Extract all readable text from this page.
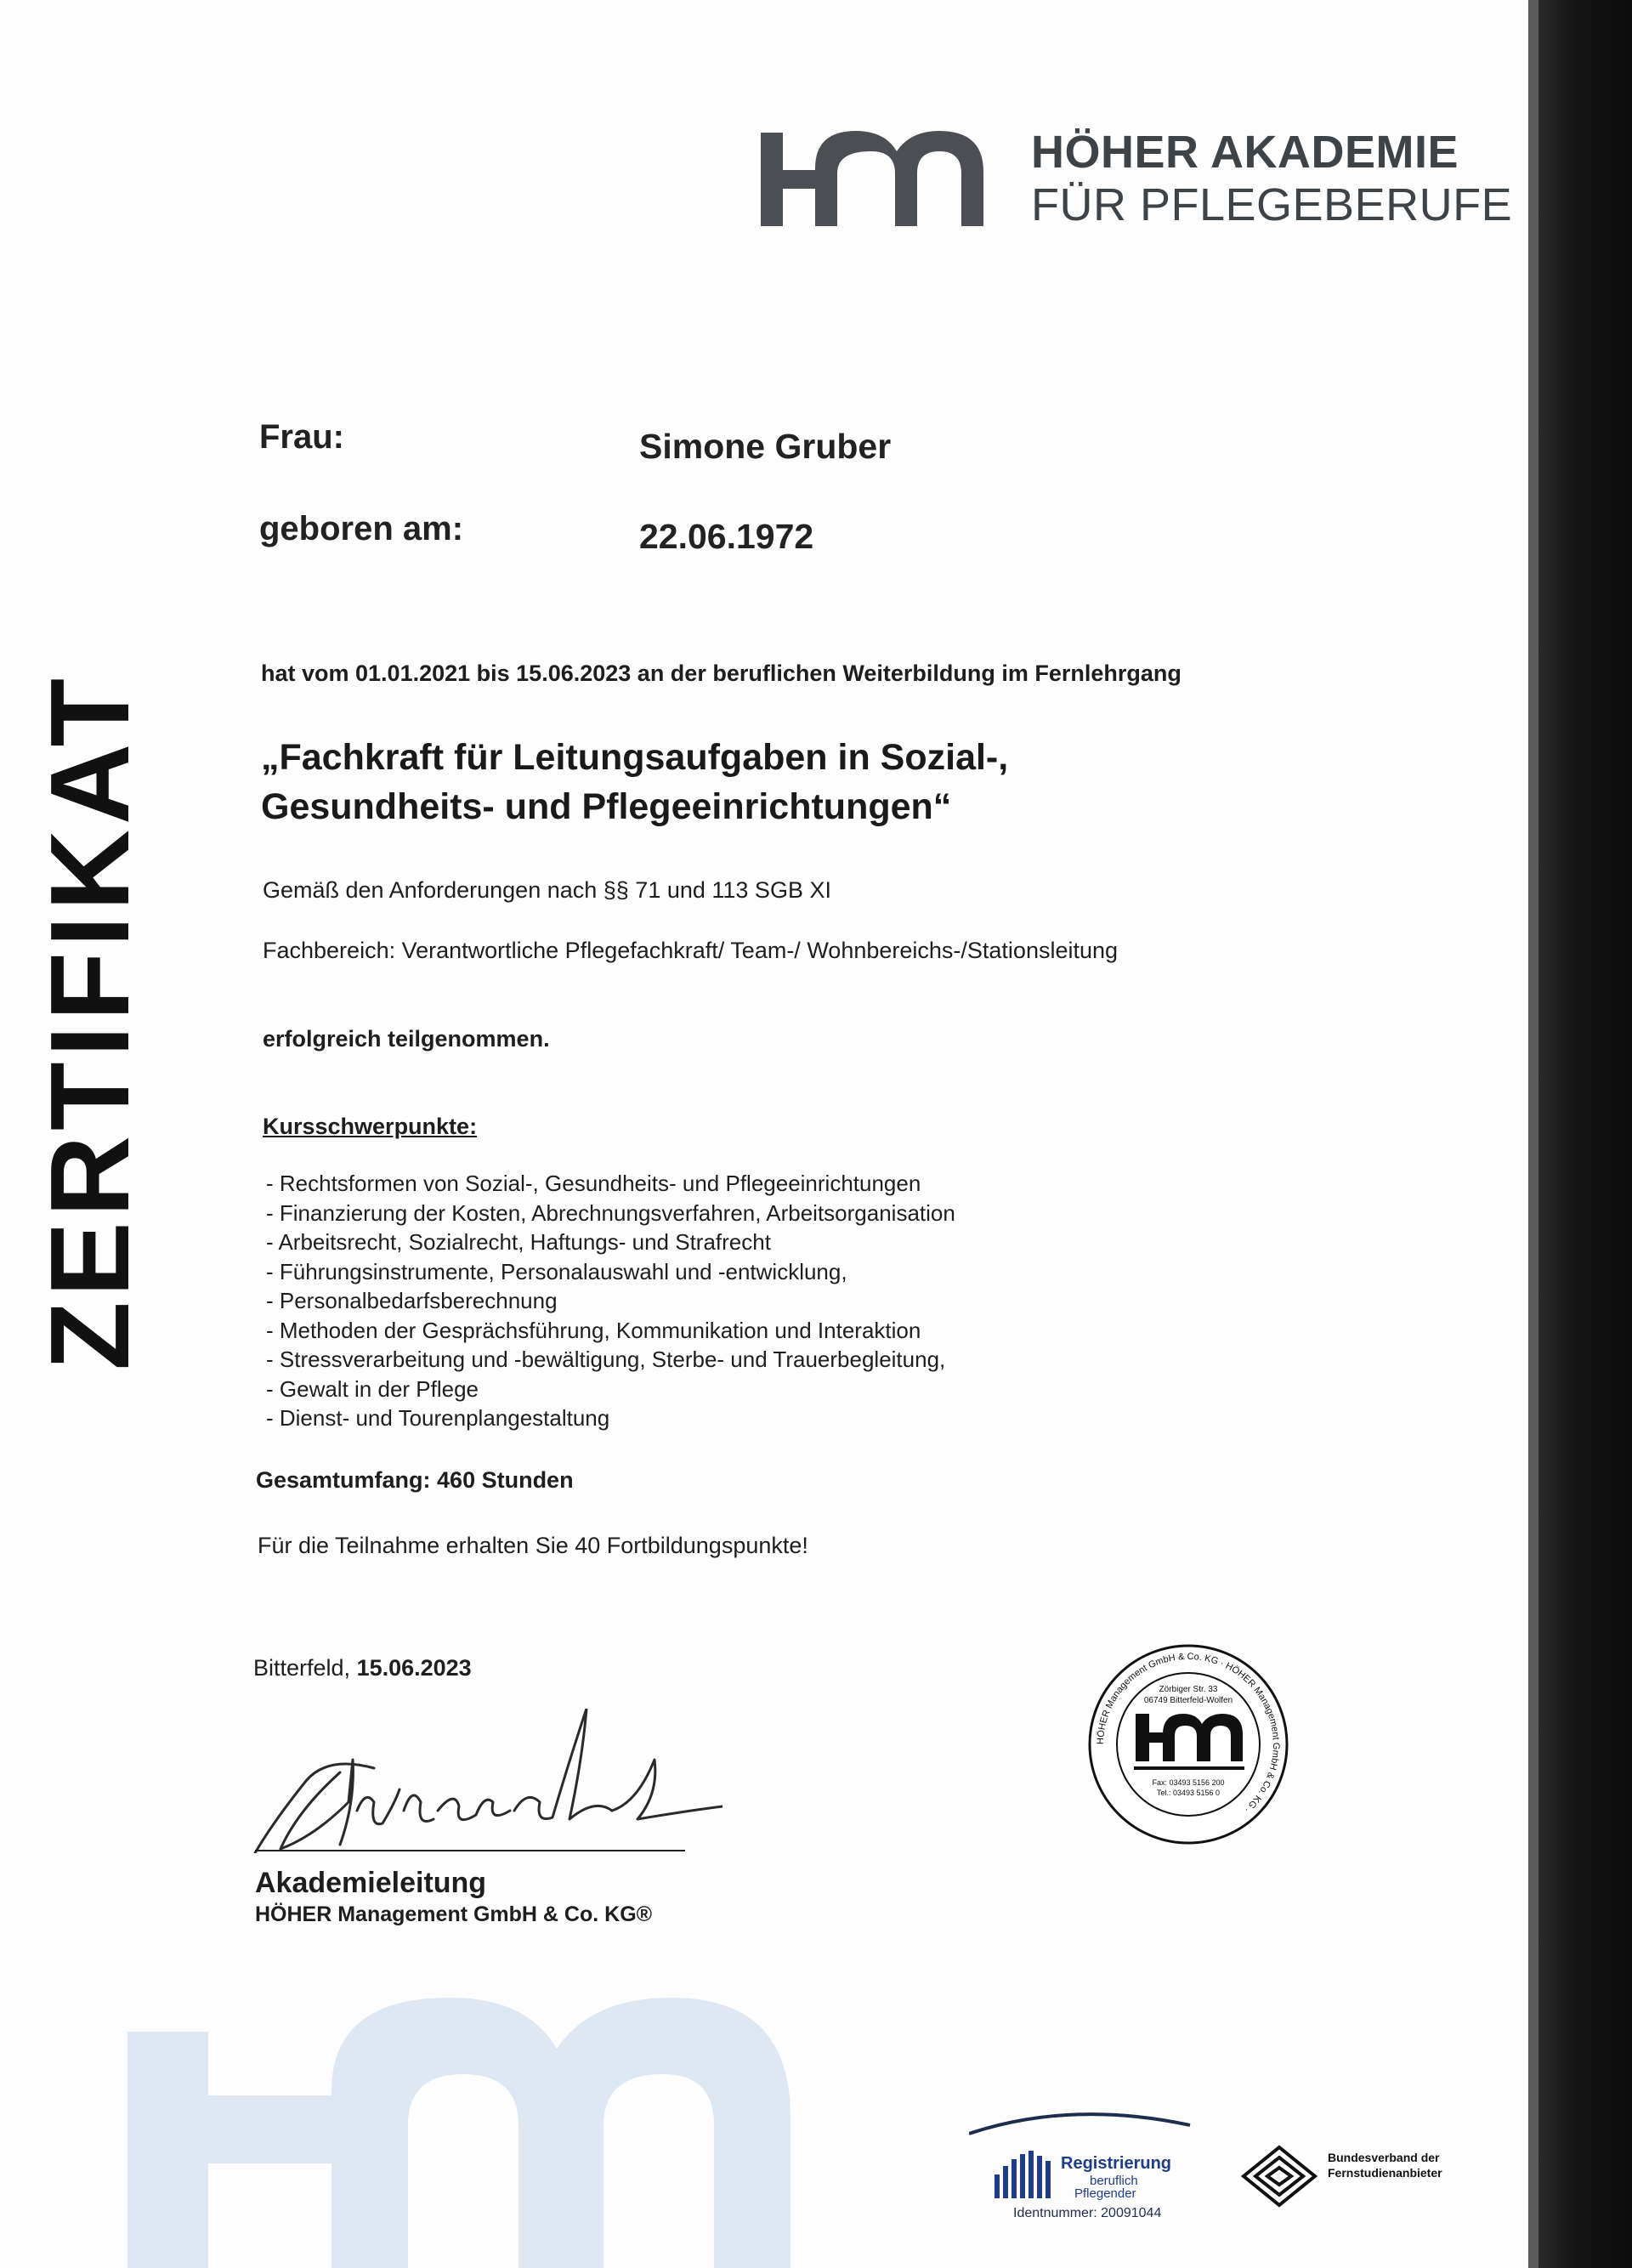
HÖHER AKADEMIE
FÜR PFLEGEBERUFE
ZERTIFIKAT
Frau:	Simone Gruber
geboren am:	22.06.1972
hat vom 01.01.2021 bis 15.06.2023 an der beruflichen Weiterbildung im Fernlehrgang
„Fachkraft für Leitungsaufgaben in Sozial-,
Gesundheits- und Pflegeeinrichtungen“
Gemäß den Anforderungen nach §§ 71 und 113 SGB XI
Fachbereich: Verantwortliche Pflegefachkraft/ Team-/ Wohnbereichs-/Stationsleitung
erfolgreich teilgenommen.
Kursschwerpunkte:
- Rechtsformen von Sozial-, Gesundheits- und Pflegeeinrichtungen
- Finanzierung der Kosten, Abrechnungsverfahren, Arbeitsorganisation
- Arbeitsrecht, Sozialrecht, Haftungs- und Strafrecht
- Führungsinstrumente, Personalauswahl und -entwicklung,
- Personalbedarfsberechnung
- Methoden der Gesprächsführung, Kommunikation und Interaktion
- Stressverarbeitung und -bewältigung, Sterbe- und Trauerbegleitung,
- Gewalt in der Pflege
- Dienst- und Tourenplangestaltung
Gesamtumfang: 460 Stunden
Für die Teilnahme erhalten Sie 40 Fortbildungspunkte!
Bitterfeld, 15.06.2023
Akademieleitung
HÖHER Management GmbH & Co. KG®
HÖHER Management GmbH & Co. KG · HÖHER Management GmbH & Co. KG ·
Zörbiger Str. 33
06749 Bitterfeld-Wolfen
Fax: 03493 5156 200
Tel.: 03493 5156 0
Registrierung
beruflich
Pflegender
Identnummer: 20091044
Bundesverband der
Fernstudienanbieter
